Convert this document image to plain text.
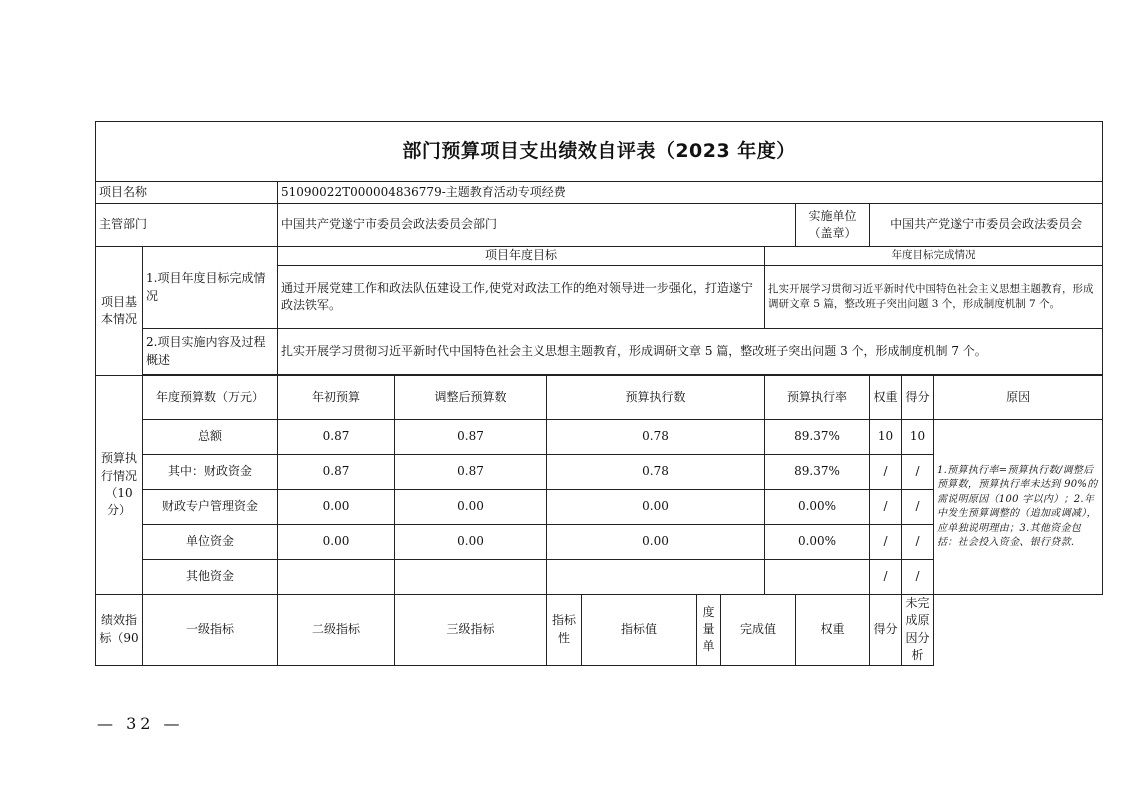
部门预算项目支出绩效自评表（2023 年度）												
项目名称		51090022T000004836779-主题教育活动专项经费										
主管部门		中国共产党遂宁市委员会政法委员会部门							实施单位（盖章）	中国共产党遂宁市委员会政法委员会		
项目基本情况	1.项目年度目标完成情况	项目年度目标						年度目标完成情况				
		通过开展党建工作和政法队伍建设工作,使党对政法工作的绝对领导进一步强化，打造遂宁政法铁军。						扎实开展学习贯彻习近平新时代中国特色社会主义思想主题教育，形成调研文章 5 篇，整改班子突出问题 3 个，形成制度机制 7 个。				
	2.项目实施内容及过程概述	扎实开展学习贯彻习近平新时代中国特色社会主义思想主题教育，形成调研文章 5 篇，整改班子突出问题 3 个，形成制度机制 7 个。										

预算执行情况（10 分）	年度预算数（万元）	年初预算	调整后预算数	预算执行数				预算执行率		权重	得分	原因
	总额	0.87	0.87	0.78				89.37%		10	10	1.预算执行率=预算执行数/调整后预算数，预算执行率未达到 90%的需说明原因（100 字以内）；2.年中发生预算调整的（追加或调减），应单独说明理由；3.其他资金包括：社会投入资金、银行贷款.
	其中：财政资金	0.87	0.87	0.78				89.37%		/	/	
	财政专户管理资金	0.00	0.00	0.00				0.00%		/	/	
	单位资金	0.00	0.00	0.00				0.00%		/	/	
	其他资金									/	/	
绩效指标（90	一级指标	二级指标	三级指标	指标性	指标值	度量单	完成值		权重	得分	未完成原因分析	
— 32 —
